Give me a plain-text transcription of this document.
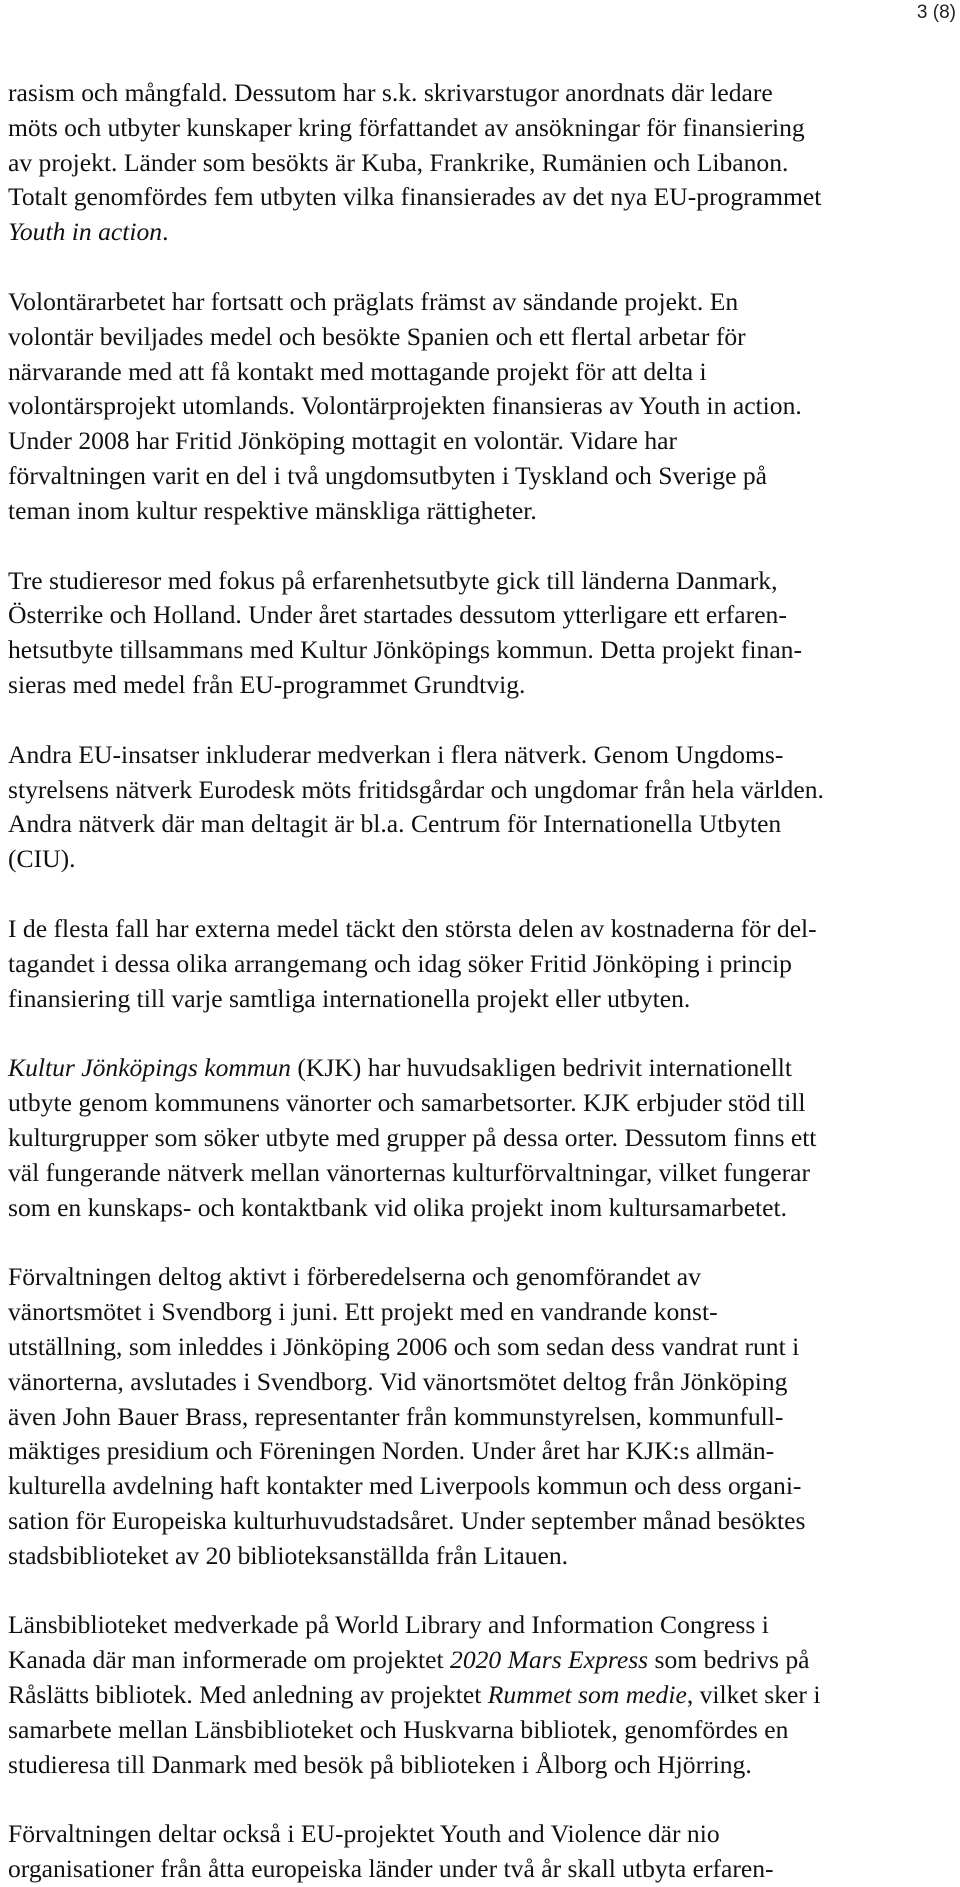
3 (8)

rasism och mångfald. Dessutom har s.k. skrivarstugor anordnats där ledare
möts och utbyter kunskaper kring författandet av ansökningar för finansiering
av projekt. Länder som besökts är Kuba, Frankrike, Rumänien och Libanon.
Totalt genomfördes fem utbyten vilka finansierades av det nya EU-programmet
Youth in action.

Volontärarbetet har fortsatt och präglats främst av sändande projekt. En
volontär beviljades medel och besökte Spanien och ett flertal arbetar för
närvarande med att få kontakt med mottagande projekt för att delta i
volontärsprojekt utomlands. Volontärprojekten finansieras av Youth in action.
Under 2008 har Fritid Jönköping mottagit en volontär. Vidare har
förvaltningen varit en del i två ungdomsutbyten i Tyskland och Sverige på
teman inom kultur respektive mänskliga rättigheter.

Tre studieresor med fokus på erfarenhetsutbyte gick till länderna Danmark,
Österrike och Holland. Under året startades dessutom ytterligare ett erfaren-
hetsutbyte tillsammans med Kultur Jönköpings kommun. Detta projekt finan-
sieras med medel från EU-programmet Grundtvig.

Andra EU-insatser inkluderar medverkan i flera nätverk. Genom Ungdoms-
styrelsens nätverk Eurodesk möts fritidsgårdar och ungdomar från hela världen.
Andra nätverk där man deltagit är bl.a. Centrum för Internationella Utbyten
(CIU).

I de flesta fall har externa medel täckt den största delen av kostnaderna för del-
tagandet i dessa olika arrangemang och idag söker Fritid Jönköping i princip
finansiering till varje samtliga internationella projekt eller utbyten.

Kultur Jönköpings kommun (KJK) har huvudsakligen bedrivit internationellt
utbyte genom kommunens vänorter och samarbetsorter. KJK erbjuder stöd till
kulturgrupper som söker utbyte med grupper på dessa orter. Dessutom finns ett
väl fungerande nätverk mellan vänorternas kulturförvaltningar, vilket fungerar
som en kunskaps- och kontaktbank vid olika projekt inom kultursamarbetet.

Förvaltningen deltog aktivt i förberedelserna och genomförandet av
vänortsmötet i Svendborg i juni. Ett projekt med en vandrande konst-
utställning, som inleddes i Jönköping 2006 och som sedan dess vandrat runt i
vänorterna, avslutades i Svendborg. Vid vänortsmötet deltog från Jönköping
även John Bauer Brass, representanter från kommunstyrelsen, kommunfull-
mäktiges presidium och Föreningen Norden. Under året har KJK:s allmän-
kulturella avdelning haft kontakter med Liverpools kommun och dess organi-
sation för Europeiska kulturhuvudstadsåret. Under september månad besöktes
stadsbiblioteket av 20 biblioteksanställda från Litauen.

Länsbiblioteket medverkade på World Library and Information Congress i
Kanada där man informerade om projektet 2020 Mars Express som bedrivs på
Råslätts bibliotek. Med anledning av projektet Rummet som medie, vilket sker i
samarbete mellan Länsbiblioteket och Huskvarna bibliotek, genomfördes en
studieresa till Danmark med besök på biblioteken i Ålborg och Hjörring.

Förvaltningen deltar också i EU-projektet Youth and Violence där nio
organisationer från åtta europeiska länder under två år skall utbyta erfaren-
